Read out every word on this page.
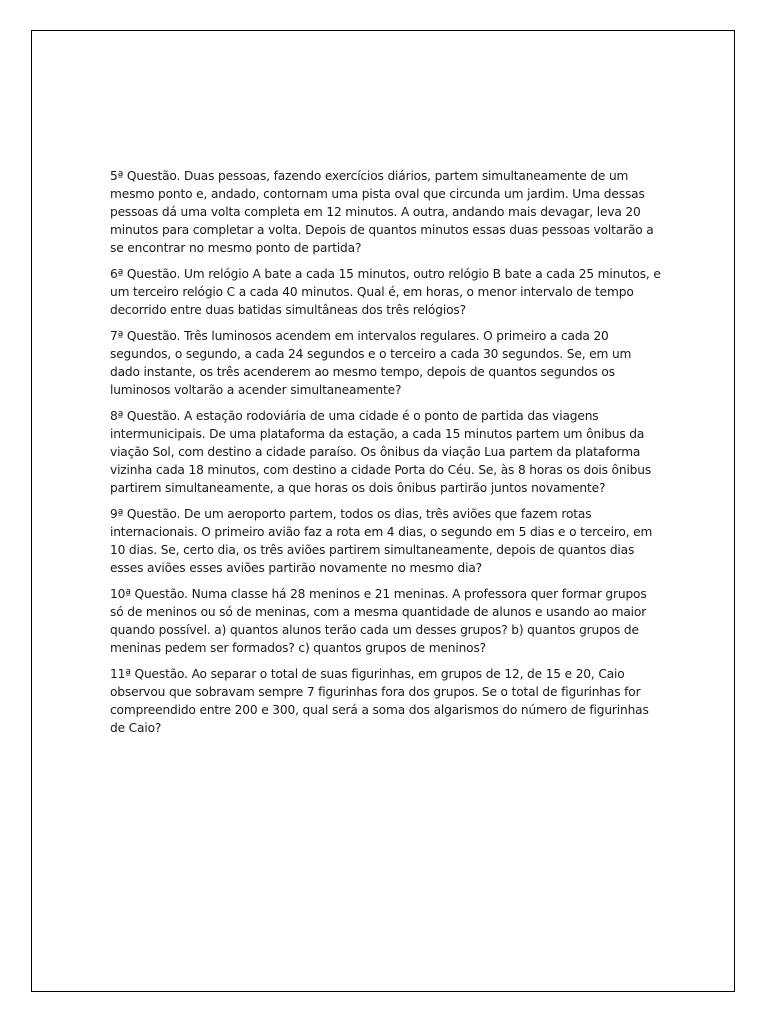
5ª Questão. Duas pessoas, fazendo exercícios diários, partem simultaneamente de um mesmo ponto e, andado, contornam uma pista oval que circunda um jardim. Uma dessas pessoas dá uma volta completa em 12 minutos. A outra, andando mais devagar, leva 20 minutos para completar a volta. Depois de quantos minutos essas duas pessoas voltarão a se encontrar no mesmo ponto de partida?

6ª Questão. Um relógio A bate a cada 15 minutos, outro relógio B bate a cada 25 minutos, e um terceiro relógio C a cada 40 minutos. Qual é, em horas, o menor intervalo de tempo decorrido entre duas batidas simultâneas dos três relógios?

7ª Questão. Três luminosos acendem em intervalos regulares. O primeiro a cada 20 segundos, o segundo, a cada 24 segundos e o terceiro a cada 30 segundos. Se, em um dado instante, os três acenderem ao mesmo tempo, depois de quantos segundos os luminosos voltarão a acender simultaneamente?

8ª Questão. A estação rodoviária de uma cidade é o ponto de partida das viagens intermunicipais. De uma plataforma da estação, a cada 15 minutos partem um ônibus da viação Sol, com destino a cidade paraíso. Os ônibus da viação Lua partem da plataforma vizinha cada 18 minutos, com destino a cidade Porta do Céu. Se, às 8 horas os dois ônibus partirem simultaneamente, a que horas os dois ônibus partirão juntos novamente?

9ª Questão. De um aeroporto partem, todos os dias, três aviões que fazem rotas internacionais. O primeiro avião faz a rota em 4 dias, o segundo em 5 dias e o terceiro, em 10 dias. Se, certo dia, os três aviões partirem simultaneamente, depois de quantos dias esses aviões esses aviões partirão novamente no mesmo dia?

10ª Questão. Numa classe há 28 meninos e 21 meninas. A professora quer formar grupos só de meninos ou só de meninas, com a mesma quantidade de alunos e usando ao maior quando possível. a) quantos alunos terão cada um desses grupos? b) quantos grupos de meninas pedem ser formados? c) quantos grupos de meninos?

11ª Questão. Ao separar o total de suas figurinhas, em grupos de 12, de 15 e 20, Caio observou que sobravam sempre 7 figurinhas fora dos grupos. Se o total de figurinhas for compreendido entre 200 e 300, qual será a soma dos algarismos do número de figurinhas de Caio?
